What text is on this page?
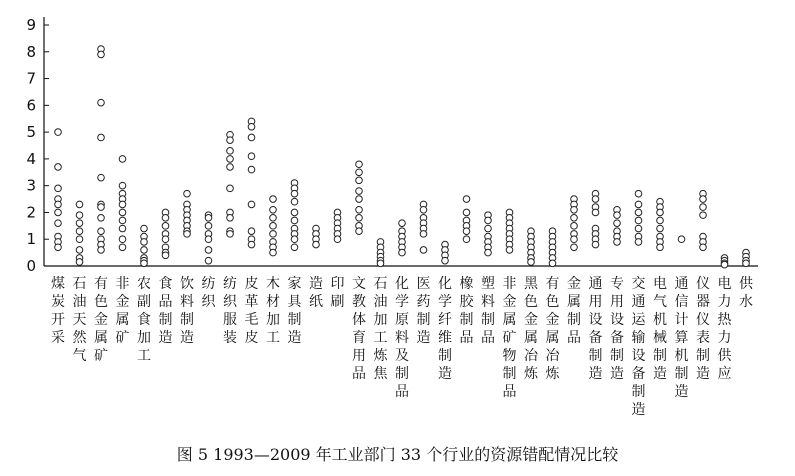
0
1
2
3
4
5
6
7
8
9
煤炭开采
石油天然气
有色金属矿
非金属矿
农副食加工
食品制造
饮料制造
纺织
纺织服装
皮革毛皮
木材加工
家具制造
造纸
印刷
文教体育用品
石油加工炼焦
化学原料及制品
医药制造
化学纤维制造
橡胶制品
塑料制品
非金属矿物制品
黑色金属冶炼
有色金属冶炼
金属制品
通用设备制造
专用设备制造
交通运输设备制造
电气机械制造
通信计算机制造
仪器仪表制造
电力热力供应
供水
图 5 1993—2009 年工业部门 33 个行业的资源错配情况比较
